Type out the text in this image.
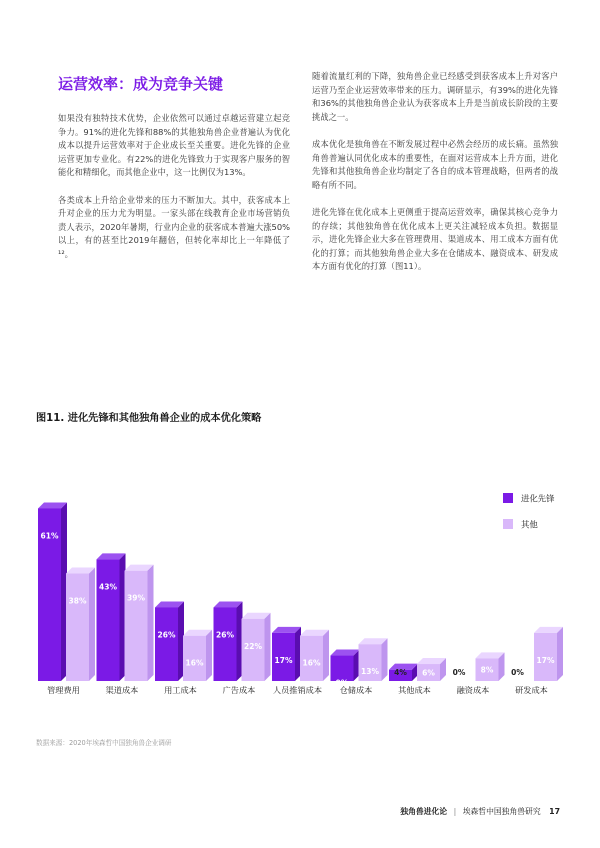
运营效率：成为竞争关键

如果没有独特技术优势，企业依然可以通过卓越运营建立起竞争力。91%的进化先锋和88%的其他独角兽企业普遍认为优化成本以提升运营效率对于企业成长至关重要。进化先锋的企业运营更加专业化。有22%的进化先锋致力于实现客户服务的智能化和精细化，而其他企业中，这一比例仅为13%。

各类成本上升给企业带来的压力不断加大。其中，获客成本上升对企业的压力尤为明显。一家头部在线教育企业市场营销负责人表示，2020年暑期，行业内企业的获客成本普遍大涨50%以上，有的甚至比2019年翻倍，但转化率却比上一年降低了¹²。

随着流量红利的下降，独角兽企业已经感受到获客成本上升对客户运营乃至企业运营效率带来的压力。调研显示，有39%的进化先锋和36%的其他独角兽企业认为获客成本上升是当前成长阶段的主要挑战之一。

成本优化是独角兽在不断发展过程中必然会经历的成长痛。虽然独角兽普遍认同优化成本的重要性，在面对运营成本上升方面，进化先锋和其他独角兽企业均制定了各自的成本管理战略，但两者的战略有所不同。

进化先锋在优化成本上更侧重于提高运营效率，确保其核心竞争力的存续；其他独角兽在优化成本上更关注减轻成本负担。数据显示，进化先锋企业大多在管理费用、渠道成本、用工成本方面有优化的打算；而其他独角兽企业大多在仓储成本、融资成本、研发成本方面有优化的打算（图11）。

图11. 进化先锋和其他独角兽企业的成本优化策略
61%
38%
管理费用
43%
39%
渠道成本
26%
16%
用工成本
26%
22%
广告成本
17% 16%
人员推销成本
9%
13%
仓储成本
4% 6%
其他成本
0% 8%
融资成本
0%
17%
研发成本
进化先锋
其他
数据来源：2020年埃森哲中国独角兽企业调研
独角兽进化论 | 埃森哲中国独角兽研究 17
